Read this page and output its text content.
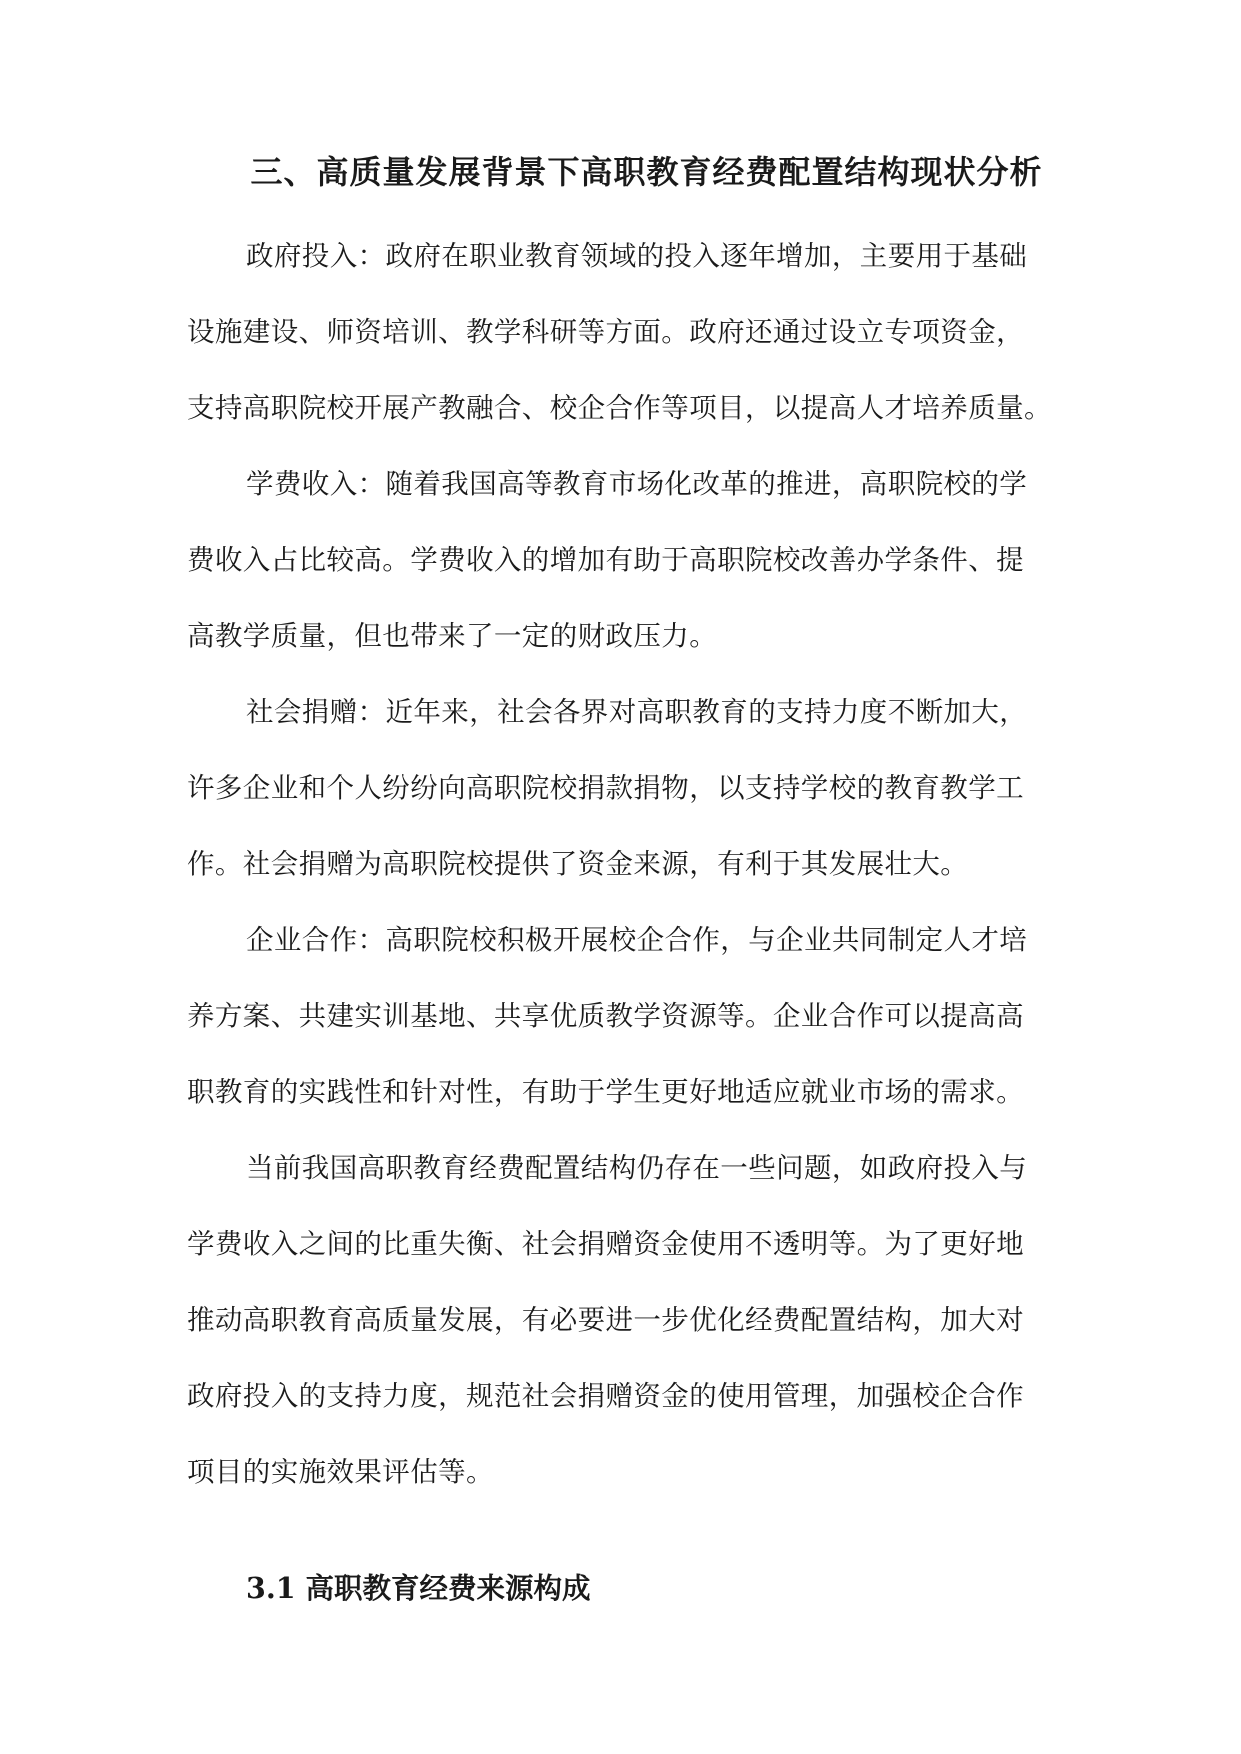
三、高质量发展背景下高职教育经费配置结构现状分析
政府投入：政府在职业教育领域的投入逐年增加，主要用于基础
设施建设、师资培训、教学科研等方面。政府还通过设立专项资金，
支持高职院校开展产教融合、校企合作等项目，以提高人才培养质量。
学费收入：随着我国高等教育市场化改革的推进，高职院校的学
费收入占比较高。学费收入的增加有助于高职院校改善办学条件、提
高教学质量，但也带来了一定的财政压力。
社会捐赠：近年来，社会各界对高职教育的支持力度不断加大，
许多企业和个人纷纷向高职院校捐款捐物，以支持学校的教育教学工
作。社会捐赠为高职院校提供了资金来源，有利于其发展壮大。
企业合作：高职院校积极开展校企合作，与企业共同制定人才培
养方案、共建实训基地、共享优质教学资源等。企业合作可以提高高
职教育的实践性和针对性，有助于学生更好地适应就业市场的需求。
当前我国高职教育经费配置结构仍存在一些问题，如政府投入与
学费收入之间的比重失衡、社会捐赠资金使用不透明等。为了更好地
推动高职教育高质量发展，有必要进一步优化经费配置结构，加大对
政府投入的支持力度，规范社会捐赠资金的使用管理，加强校企合作
项目的实施效果评估等。
3.1 高职教育经费来源构成
